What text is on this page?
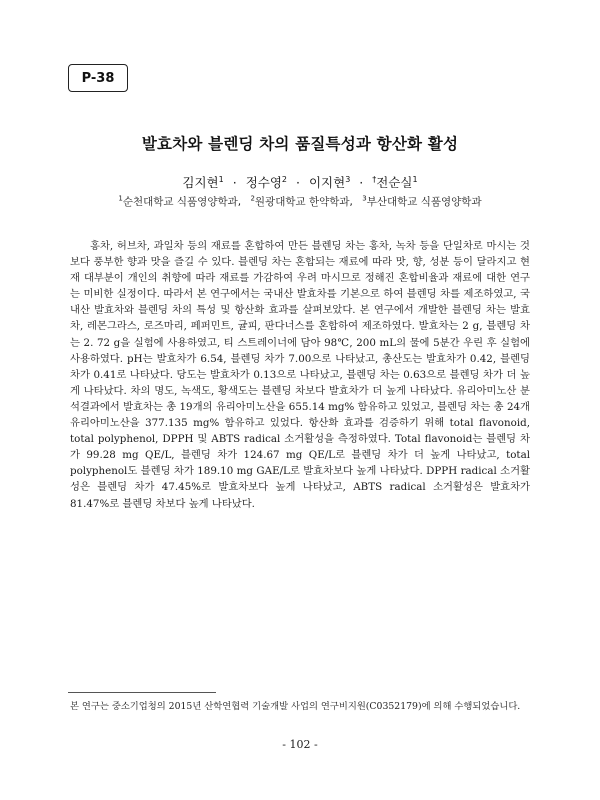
P-38
발효차와 블렌딩 차의 품질특성과 항산화 활성
김지현$^1$ · 정수영$^2$ · 이지현$^3$ · †전순실$^1$
$^1$순천대학교 식품영양학과, $^2$원광대학교 한약학과, $^3$부산대학교 식품영양학과

홍차, 허브차, 과일차 등의 재료를 혼합하여 만든 블렌딩 차는 홍차, 녹차 등을 단일차로 마시는 것보다 풍부한 향과 맛을 즐길 수 있다. 블렌딩 차는 혼합되는 재료에 따라 맛, 향, 성분 등이 달라지고 현재 대부분이 개인의 취향에 따라 재료를 가감하여 우려 마시므로 정해진 혼합비율과 재료에 대한 연구는 미비한 실정이다. 따라서 본 연구에서는 국내산 발효차를 기본으로 하여 블렌딩 차를 제조하였고, 국내산 발효차와 블렌딩 차의 특성 및 항산화 효과를 살펴보았다. 본 연구에서 개발한 블렌딩 차는 발효차, 레몬그라스, 로즈마리, 페퍼민트, 귤피, 판다너스를 혼합하여 제조하였다. 발효차는 2 g, 블렌딩 차는 2. 72 g을 실험에 사용하였고, 티 스트레이너에 담아 98℃, 200 mL의 물에 5분간 우린 후 실험에 사용하였다. pH는 발효차가 6.54, 블렌딩 차가 7.00으로 나타났고, 총산도는 발효차가 0.42, 블렌딩 차가 0.41로 나타났다. 당도는 발효차가 0.13으로 나타났고, 블렌딩 차는 0.63으로 블렌딩 차가 더 높게 나타났다. 차의 명도, 녹색도, 황색도는 블렌딩 차보다 발효차가 더 높게 나타났다. 유리아미노산 분석결과에서 발효차는 총 19개의 유리아미노산을 655.14 mg% 함유하고 있었고, 블렌딩 차는 총 24개 유리아미노산을 377.135 mg% 함유하고 있었다. 항산화 효과를 검증하기 위해 total flavonoid, total polyphenol, DPPH 및 ABTS radical 소거활성을 측정하였다. Total flavonoid는 블렌딩 차가 99.28 mg QE/L, 블렌딩 차가 124.67 mg QE/L로 블렌딩 차가 더 높게 나타났고, total polyphenol도 블렌딩 차가 189.10 mg GAE/L로 발효차보다 높게 나타났다. DPPH radical 소거활성은 블렌딩 차가 47.45%로 발효차보다 높게 나타났고, ABTS radical 소거활성은 발효차가 81.47%로 블렌딩 차보다 높게 나타났다.

본 연구는 중소기업청의 2015년 산학연협력 기술개발 사업의 연구비지원(C0352179)에 의해 수행되었습니다.
- 102 -
